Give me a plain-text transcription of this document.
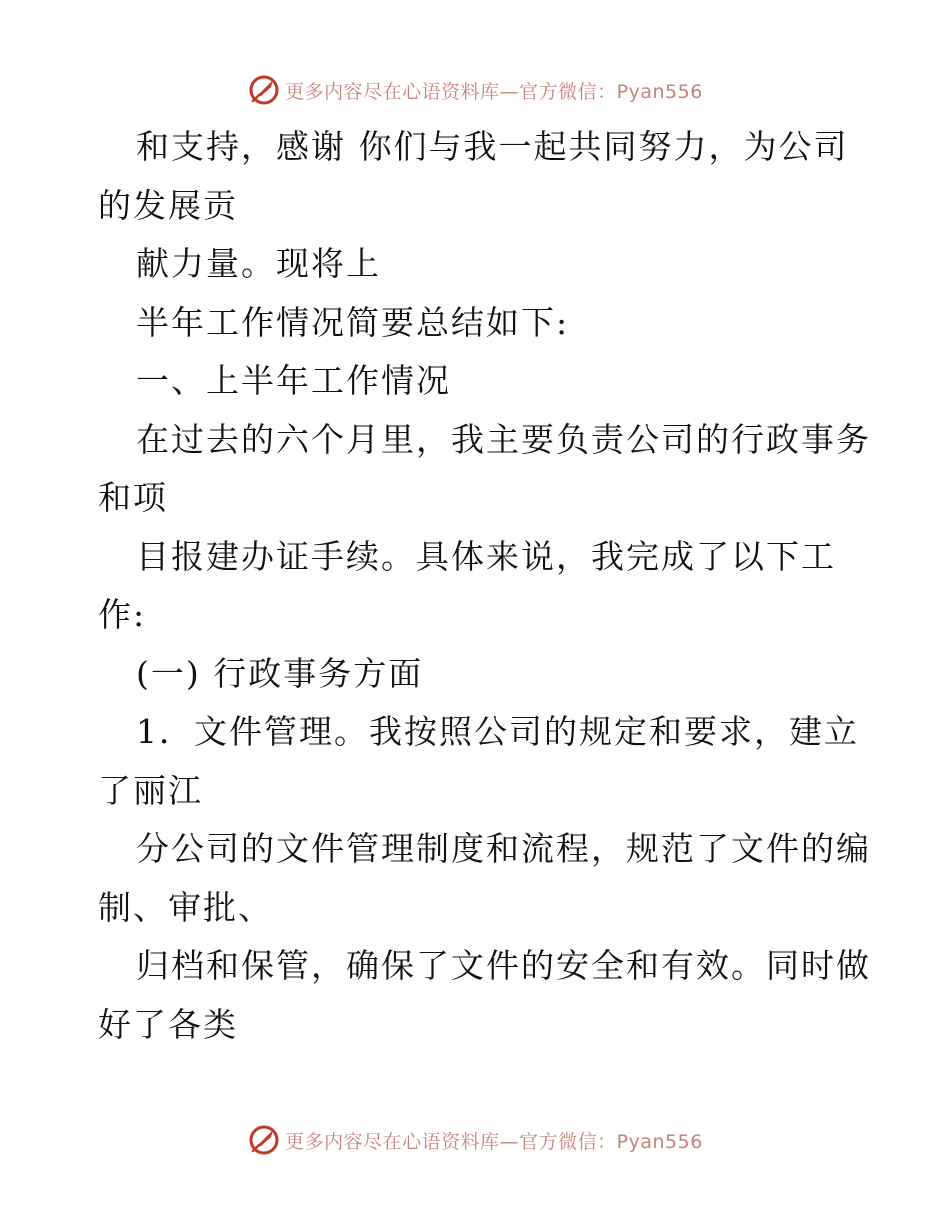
更多内容尽在心语资料库—官方微信：Pyan556
和支持，感谢 你们与我一起共同努力，为公司
的发展贡
献力量。现将上
半年工作情况简要总结如下:
一、上半年工作情况
在过去的六个月里，我主要负责公司的行政事务
和项
目报建办证手续。具体来说，我完成了以下工
作:
(一) 行政事务方面
1．文件管理。我按照公司的规定和要求，建立
了丽江
分公司的文件管理制度和流程，规范了文件的编
制、审批、
归档和保管，确保了文件的安全和有效。同时做
好了各类
更多内容尽在心语资料库—官方微信：Pyan556
